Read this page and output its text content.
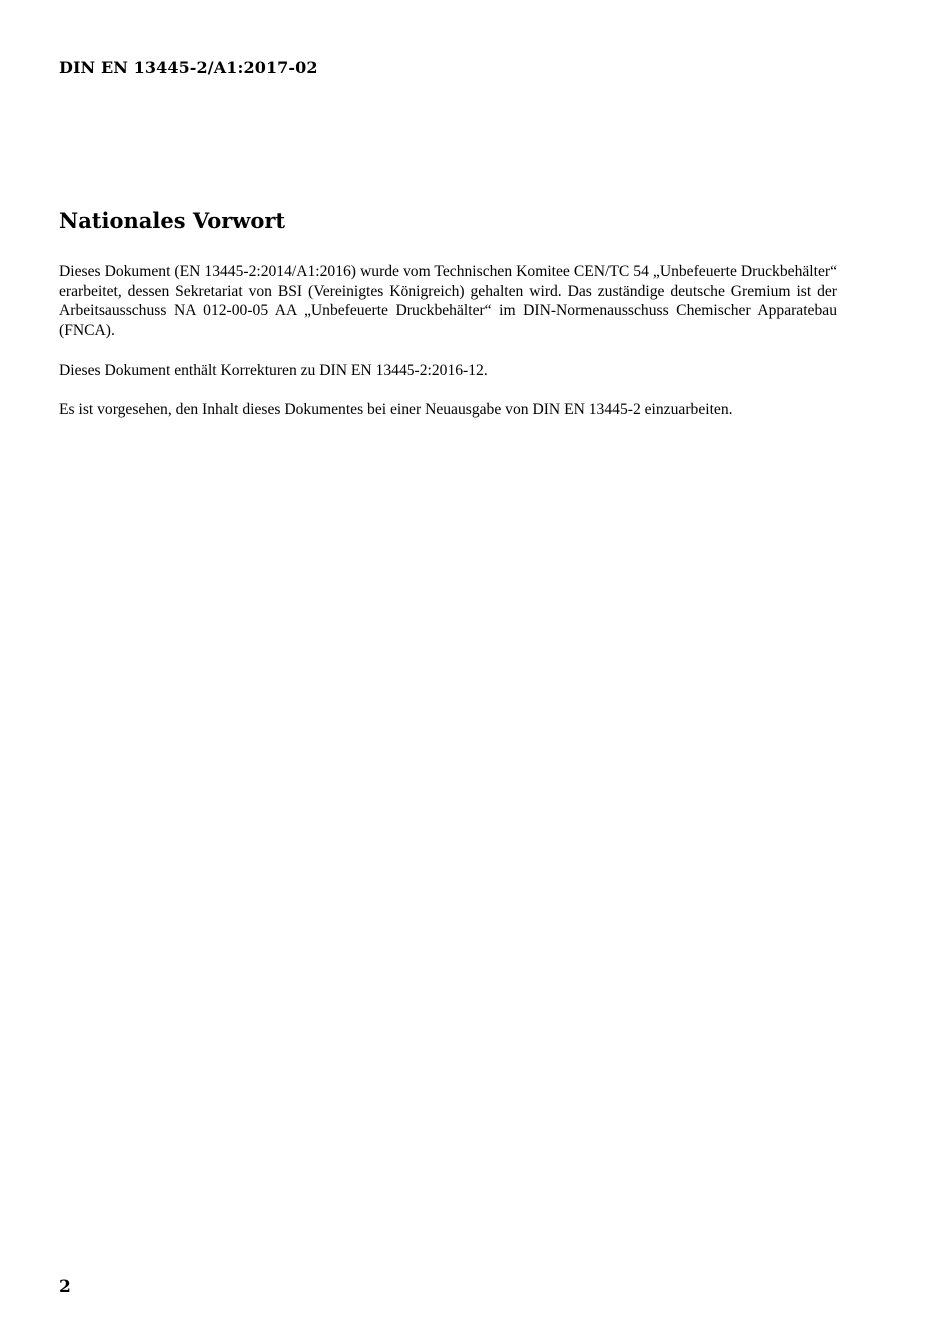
DIN EN 13445-2/A1:2017-02
Nationales Vorwort

Dieses Dokument (EN 13445-2:2014/A1:2016) wurde vom Technischen Komitee CEN/TC 54 „Unbefeuerte Druckbehälter“ erarbeitet, dessen Sekretariat von BSI (Vereinigtes Königreich) gehalten wird. Das zuständige deutsche Gremium ist der Arbeitsausschuss NA 012-00-05 AA „Unbefeuerte Druckbehälter“ im DIN-Normenausschuss Chemischer Apparatebau (FNCA).

Dieses Dokument enthält Korrekturen zu DIN EN 13445-2:2016-12.

Es ist vorgesehen, den Inhalt dieses Dokumentes bei einer Neuausgabe von DIN EN 13445-2 einzuarbeiten.

2
